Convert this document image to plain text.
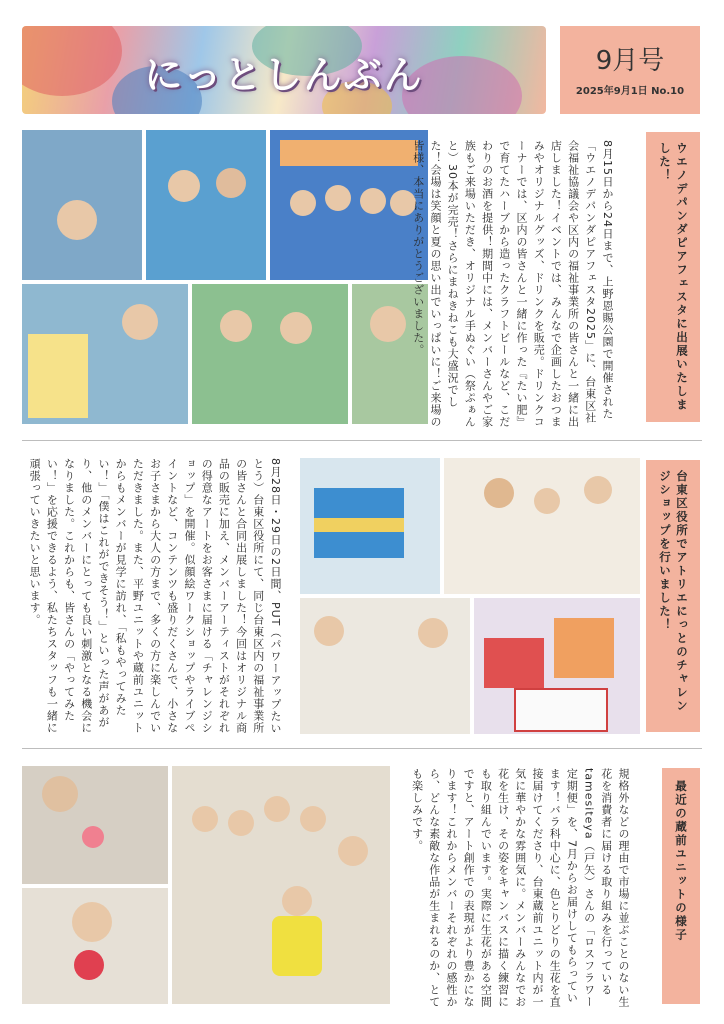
にっとしんぶん	9月号
2025年9月1日 No.10
8月15日から24日まで、上野恩賜公園で開催された「ウエノデパンダピアフェスタ2025」に、台東区社会福祉協議会や区内の福祉事業所の皆さんと一緒に出店しました！イベントでは、みんなで企画したおつまみやオリジナルグッズ、ドリンクを販売。ドリンクコーナーでは、区内の皆さんと一緒に作った『たい肥』で育てたハーブから造ったクラフトビールなど、こだわりのお酒を提供！期間中には、メンバーさんやご家族もご来場いただき、オリジナル手ぬぐい（祭ぷぁんと）30本が完売！さらにまねきねこも大盛況でした！会場は笑顔と夏の思い出でいっぱいに！ご来場の皆様、本当にありがとうございました。	ウエノデパンダピアフェスタに出展いたしました！
8月28日・29日の2日間、PUT（パワーアップたいとう）台東区役所にて、同じ台東区内の福祉事業所の皆さんと合同出展しました！今回はオリジナル商品の販売に加え、メンバーアーティストがそれぞれの得意なアートをお客さまに届ける「チャレンジショップ」を開催。似顔絵ワークショップやライブペイントなど、コンテンツも盛りだくさんで、小さなお子さまから大人の方まで、多くの方に楽しんでいただきました。また、平野ユニットや蔵前ユニットからもメンバーが見学に訪れ、「私もやってみたい！」「僕はこれができそう！」といった声があがり、他のメンバーにとっても良い刺激となる機会になりました。これからも、皆さんの「やってみたい！」を応援できるよう、私たちスタッフも一緒に頑張っていきたいと思います。	台東区役所でアトリエにっとのチャレンジショップを行いました！
規格外などの理由で市場に並ぶことのない生花を消費者に届ける取り組みを行っているtamesiteya（戸矢）さんの「ロスフラワー定期便」を、7月からお届けしてもらっています！バラ科中心に、色とりどりの生花を直接届けてくださり、台東蔵前ユニット内が一気に華やかな雰囲気に。メンバーみんなでお花を生け、その姿をキャンバスに描く練習にも取り組んでいます。実際に生花がある空間ですと、アート創作での表現がより豊かになります！これからメンバーそれぞれの感性から、どんな素敵な作品が生まれるのか、とても楽しみです。	最近の蔵前ユニットの様子
